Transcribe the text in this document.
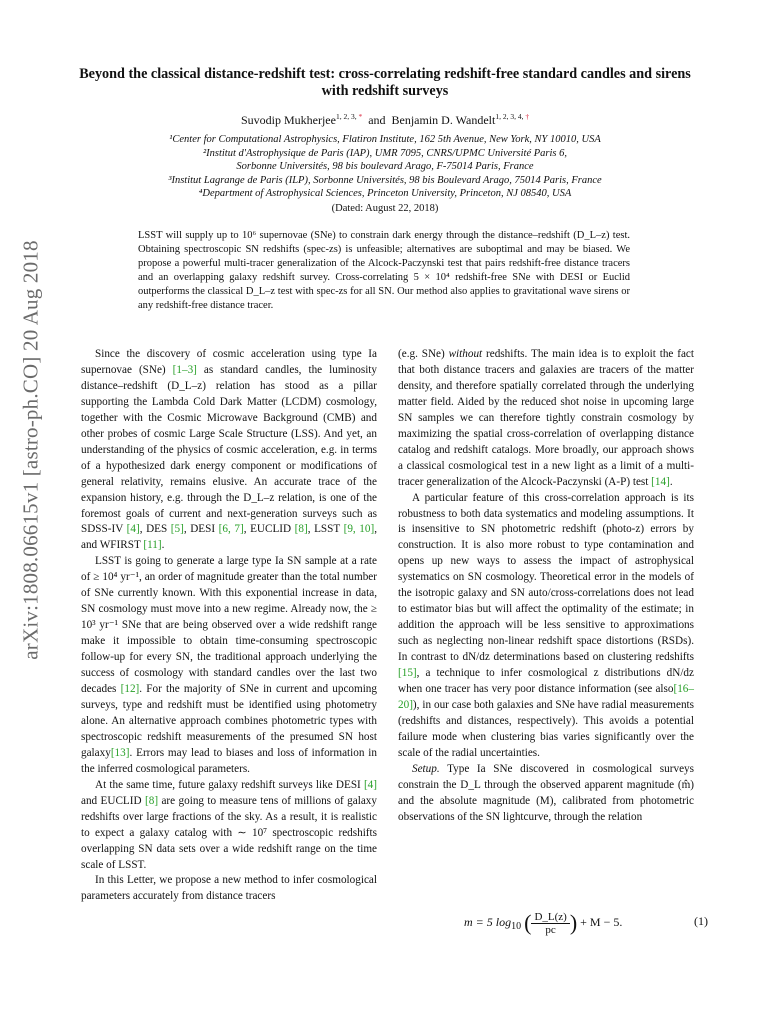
arXiv:1808.06615v1 [astro-ph.CO] 20 Aug 2018
Beyond the classical distance-redshift test: cross-correlating redshift-free standard candles and sirens with redshift surveys
Suvodip Mukherjee$^{1, 2, 3, *}$ and Benjamin D. Wandelt$^{1, 2, 3, 4, \dagger}$
¹Center for Computational Astrophysics, Flatiron Institute, 162 5th Avenue, New York, NY 10010, USA
²Institut d'Astrophysique de Paris (IAP), UMR 7095, CNRS/UPMC Université Paris 6,
Sorbonne Universités, 98 bis boulevard Arago, F-75014 Paris, France
³Institut Lagrange de Paris (ILP), Sorbonne Universités, 98 bis Boulevard Arago, 75014 Paris, France
⁴Department of Astrophysical Sciences, Princeton University, Princeton, NJ 08540, USA
(Dated: August 22, 2018)
LSST will supply up to 10⁶ supernovae (SNe) to constrain dark energy through the distance–redshift (D_L–z) test. Obtaining spectroscopic SN redshifts (spec-zs) is unfeasible; alternatives are suboptimal and may be biased. We propose a powerful multi-tracer generalization of the Alcock-Paczynski test that pairs redshift-free distance tracers and an overlapping galaxy redshift survey. Cross-correlating 5 × 10⁴ redshift-free SNe with DESI or Euclid outperforms the classical D_L–z test with spec-zs for all SN. Our method also applies to gravitational wave sirens or any redshift-free distance tracer.

Since the discovery of cosmic acceleration using type Ia supernovae (SNe) [1–3] as standard candles, the luminosity distance–redshift (D_L–z) relation has stood as a pillar supporting the Lambda Cold Dark Matter (LCDM) cosmology, together with the Cosmic Microwave Background (CMB) and other probes of cosmic Large Scale Structure (LSS). And yet, an understanding of the physics of cosmic acceleration, e.g. in terms of a hypothesized dark energy component or modifications of general relativity, remains elusive. An accurate trace of the expansion history, e.g. through the D_L–z relation, is one of the foremost goals of current and next-generation surveys such as SDSS-IV [4], DES [5], DESI [6, 7], EUCLID [8], LSST [9, 10], and WFIRST [11].

LSST is going to generate a large type Ia SN sample at a rate of ≥ 10⁴ yr⁻¹, an order of magnitude greater than the total number of SNe currently known. With this exponential increase in data, SN cosmology must move into a new regime. Already now, the ≥ 10³ yr⁻¹ SNe that are being observed over a wide redshift range make it impossible to obtain time-consuming spectroscopic follow-up for every SN, the traditional approach underlying the success of cosmology with standard candles over the last two decades [12]. For the majority of SNe in current and upcoming surveys, type and redshift must be identified using photometry alone. An alternative approach combines photometric types with spectroscopic redshift measurements of the presumed SN host galaxy[13]. Errors may lead to biases and loss of information in the inferred cosmological parameters.

At the same time, future galaxy redshift surveys like DESI [4] and EUCLID [8] are going to measure tens of millions of galaxy redshifts over large fractions of the sky. As a result, it is realistic to expect a galaxy catalog with ∼ 10⁷ spectroscopic redshifts overlapping SN data sets over a wide redshift range on the time scale of LSST.

In this Letter, we propose a new method to infer cosmological parameters accurately from distance tracers

(e.g. SNe) without redshifts. The main idea is to exploit the fact that both distance tracers and galaxies are tracers of the matter density, and therefore spatially correlated through the underlying matter field. Aided by the reduced shot noise in upcoming large SN samples we can therefore tightly constrain cosmology by maximizing the spatial cross-correlation of overlapping distance catalog and redshift catalogs. More broadly, our approach shows a classical cosmological test in a new light as a limit of a multi-tracer generalization of the Alcock-Paczynski (A-P) test [14].

A particular feature of this cross-correlation approach is its robustness to both data systematics and modeling assumptions. It is insensitive to SN photometric redshift (photo-z) errors by construction. It is also more robust to type contamination and opens up new ways to assess the impact of astrophysical systematics on SN cosmology. Theoretical error in the models of the isotropic galaxy and SN auto/cross-correlations does not lead to estimator bias but will affect the optimality of the estimate; in addition the approach will be less sensitive to approximations such as neglecting non-linear redshift space distortions (RSDs). In contrast to dN/dz determinations based on clustering redshifts [15], a technique to infer cosmological z distributions dN/dz when one tracer has very poor distance information (see also[16–20]), in our case both galaxies and SNe have radial measurements (redshifts and distances, respectively). This avoids a potential failure mode when clustering bias varies significantly over the scale of the radial uncertainties.

Setup. Type Ia SNe discovered in cosmological surveys constrain the D_L through the observed apparent magnitude (m̂) and the absolute magnitude (M), calibrated from photometric observations of the SN lightcurve, through the relation

m = 5 $\log_{10}$ ( $\frac{D\_L(z)}{pc}$ ) + M − 5.	(1)
